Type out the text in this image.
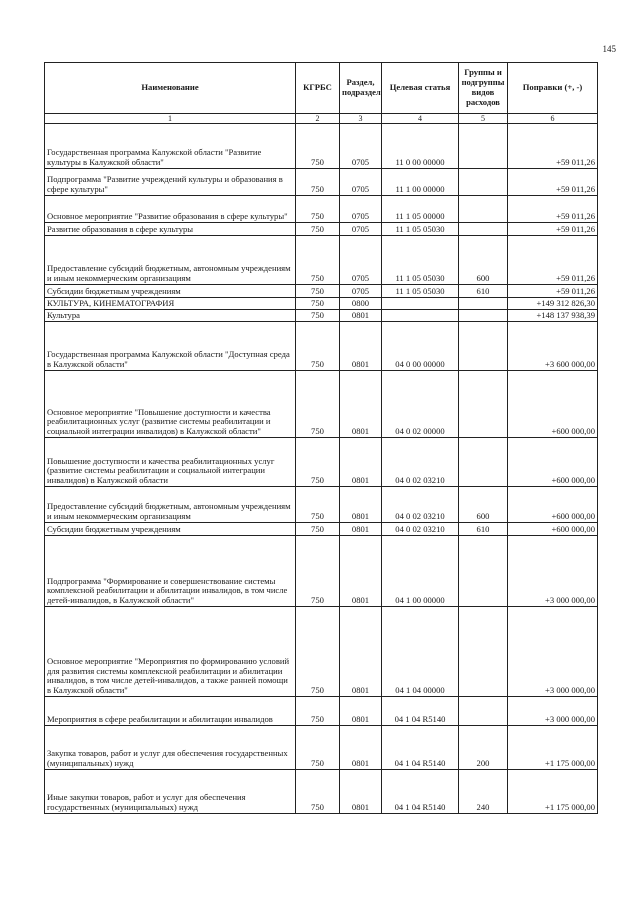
145
Наименование	КГРБС	Раздел, подраздел	Целевая статья	Группы и подгруппы видов расходов	Поправки (+, -)
1	2	3	4	5	6
Государственная программа Калужской области "Развитие культуры в Калужской области"	750	0705	11 0 00 00000		+59 011,26
Подпрограмма "Развитие учреждений культуры и образования в сфере культуры"	750	0705	11 1 00 00000		+59 011,26
Основное мероприятие "Развитие образования в сфере культуры"	750	0705	11 1 05 00000		+59 011,26
Развитие образования в сфере культуры	750	0705	11 1 05 05030		+59 011,26
Предоставление субсидий бюджетным, автономным учреждениям и иным некоммерческим организациям	750	0705	11 1 05 05030	600	+59 011,26
Субсидии бюджетным учреждениям	750	0705	11 1 05 05030	610	+59 011,26
КУЛЬТУРА, КИНЕМАТОГРАФИЯ	750	0800			+149 312 826,30
Культура	750	0801			+148 137 938,39
Государственная программа Калужской области "Доступная среда в Калужской области"	750	0801	04 0 00 00000		+3 600 000,00
Основное мероприятие "Повышение доступности и качества реабилитационных услуг (развитие системы реабилитации и социальной интеграции инвалидов) в Калужской области"	750	0801	04 0 02 00000		+600 000,00
Повышение доступности и качества реабилитационных услуг (развитие системы реабилитации и социальной интеграции инвалидов) в Калужской области	750	0801	04 0 02 03210		+600 000,00
Предоставление субсидий бюджетным, автономным учреждениям и иным некоммерческим организациям	750	0801	04 0 02 03210	600	+600 000,00
Субсидии бюджетным учреждениям	750	0801	04 0 02 03210	610	+600 000,00
Подпрограмма "Формирование и совершенствование системы комплексной реабилитации и абилитации инвалидов, в том числе детей-инвалидов, в Калужской области"	750	0801	04 1 00 00000		+3 000 000,00
Основное мероприятие "Мероприятия по формированию условий для развития системы комплексной реабилитации и абилитации инвалидов, в том числе детей-инвалидов, а также ранней помощи в Калужской области"	750	0801	04 1 04 00000		+3 000 000,00
Мероприятия в сфере реабилитации и абилитации инвалидов	750	0801	04 1 04 R5140		+3 000 000,00
Закупка товаров, работ и услуг для обеспечения государственных (муниципальных) нужд	750	0801	04 1 04 R5140	200	+1 175 000,00
Иные закупки товаров, работ и услуг для обеспечения государственных (муниципальных) нужд	750	0801	04 1 04 R5140	240	+1 175 000,00
